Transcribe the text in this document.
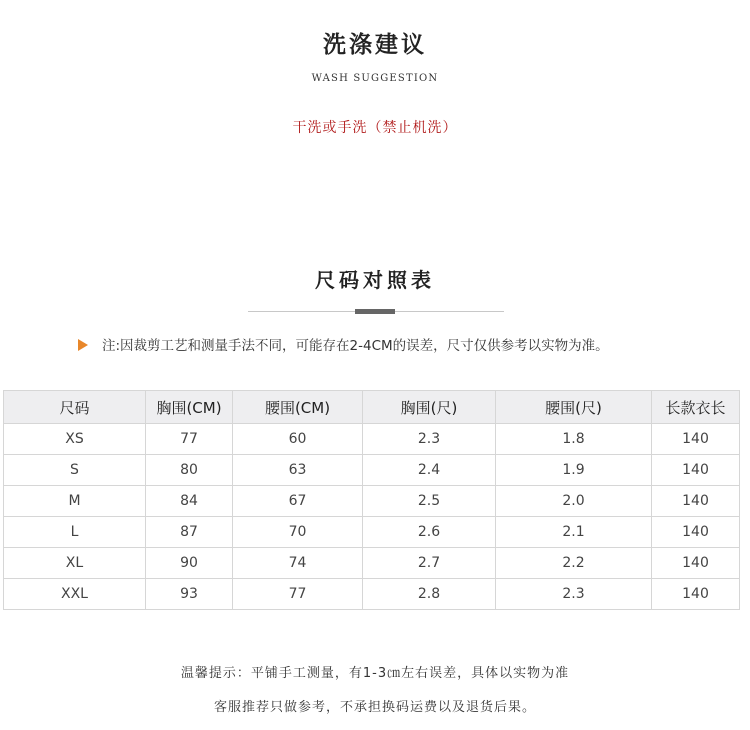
洗涤建议
WASH SUGGESTION
干洗或手洗（禁止机洗）
尺码对照表
注:因裁剪工艺和测量手法不同，可能存在2-4CM的误差，尺寸仅供参考以实物为准。
尺码	胸围(CM)	腰围(CM)	胸围(尺)	腰围(尺)	长款衣长
XS	77	60	2.3	1.8	140
S	80	63	2.4	1.9	140
M	84	67	2.5	2.0	140
L	87	70	2.6	2.1	140
XL	90	74	2.7	2.2	140
XXL	93	77	2.8	2.3	140
温馨提示：平铺手工测量，有1-3㎝左右误差，具体以实物为准
客服推荐只做参考，不承担换码运费以及退货后果。
